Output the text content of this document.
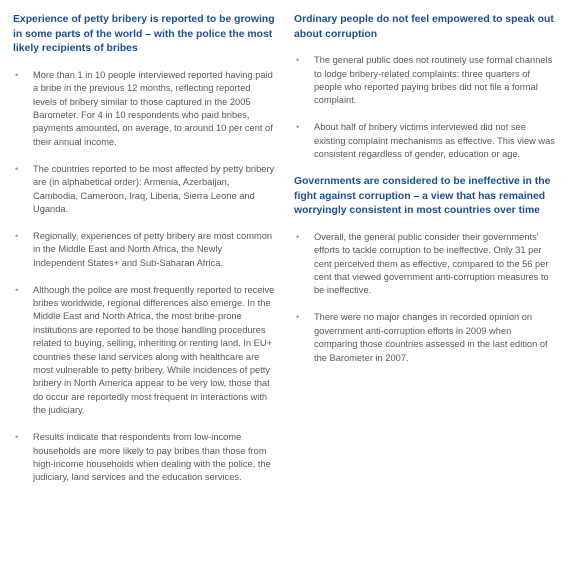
Experience of petty bribery is reported to be growing in some parts of the world – with the police the most likely recipients of bribes
• More than 1 in 10 people interviewed reported having paid a bribe in the previous 12 months, reflecting reported levels of bribery similar to those captured in the 2005 Barometer. For 4 in 10 respondents who paid bribes, payments amounted, on average, to around 10 per cent of their annual income.
• The countries reported to be most affected by petty bribery are (in alphabetical order): Armenia, Azerbaijan, Cambodia, Cameroon, Iraq, Liberia, Sierra Leone and Uganda.
• Regionally, experiences of petty bribery are most common in the Middle East and North Africa, the Newly Independent States+ and Sub-Saharan Africa.
• Although the police are most frequently reported to receive bribes worldwide, regional differences also emerge. In the Middle East and North Africa, the most bribe-prone institutions are reported to be those handling procedures related to buying, selling, inheriting or renting land. In EU+ countries these land services along with healthcare are most vulnerable to petty bribery. While incidences of petty bribery in North America appear to be very low, those that do occur are reportedly most frequent in interactions with the judiciary.
• Results indicate that respondents from low-income households are more likely to pay bribes than those from high-income households when dealing with the police, the judiciary, land services and the education services.
Ordinary people do not feel empowered to speak out about corruption
• The general public does not routinely use formal channels to lodge bribery-related complaints: three quarters of people who reported paying bribes did not file a formal complaint.
• About half of bribery victims interviewed did not see existing complaint mechanisms as effective. This view was consistent regardless of gender, education or age.
Governments are considered to be ineffective in the fight against corruption – a view that has remained worryingly consistent in most countries over time
• Overall, the general public consider their governments' efforts to tackle corruption to be ineffective. Only 31 per cent perceived them as effective, compared to the 56 per cent that viewed government anti-corruption measures to be ineffective.
• There were no major changes in recorded opinion on government anti-corruption efforts in 2009 when comparing those countries assessed in the last edition of the Barometer in 2007.
